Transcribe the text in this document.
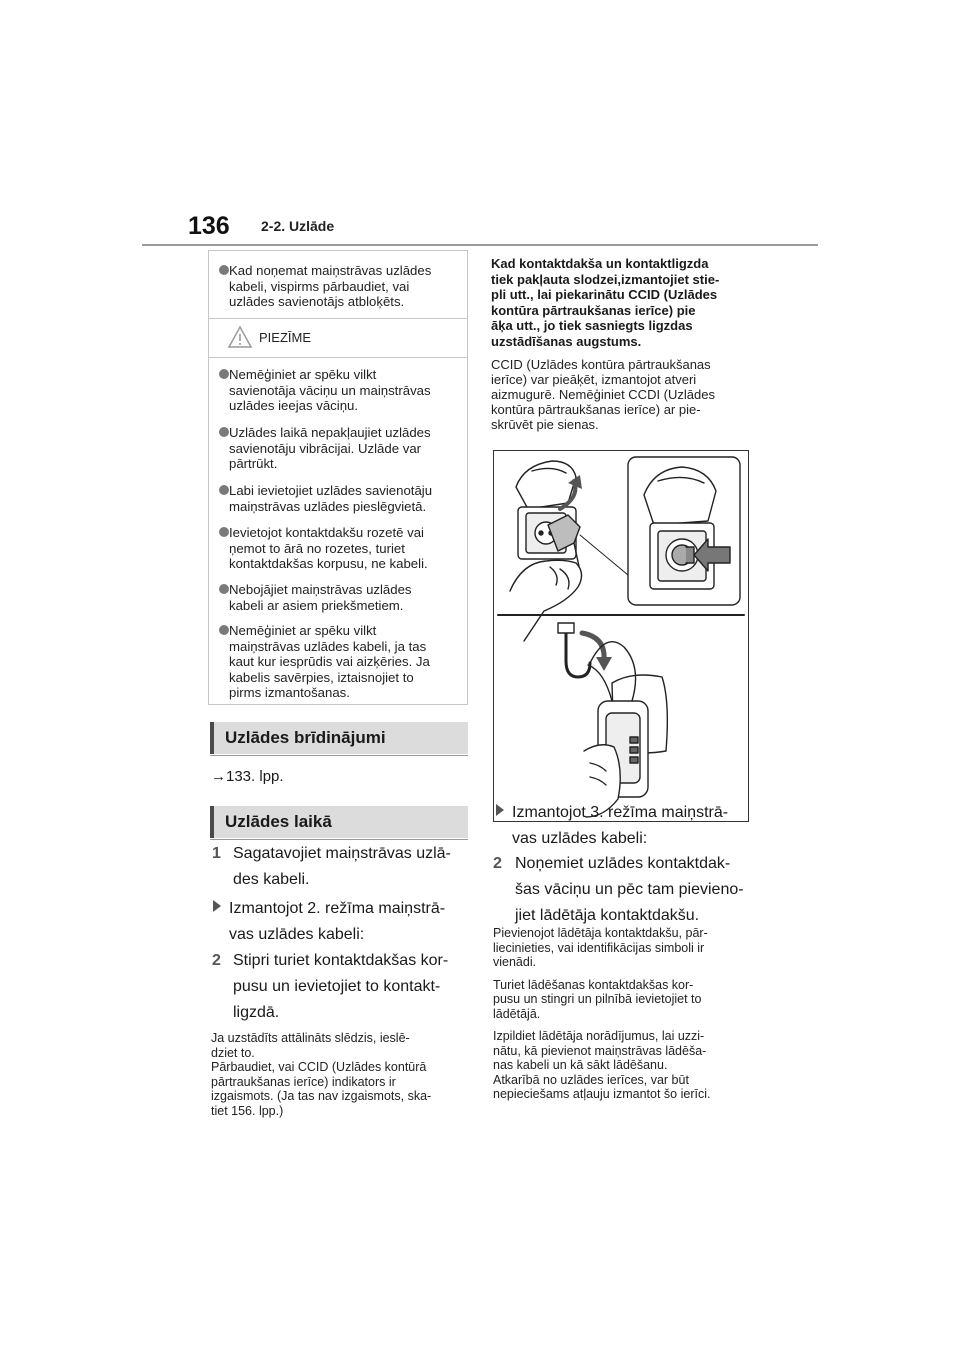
136 2-2. Uzlāde
Kad noņemat maiņstrāvas uzlādes
kabeli, vispirms pārbaudiet, vai
uzlādes savienotājs atbloķēts.
PIEZĪME
Nemēģiniet ar spēku vilkt
savienotāja vāciņu un maiņstrāvas
uzlādes ieejas vāciņu.
Uzlādes laikā nepakļaujiet uzlādes
savienotāju vibrācijai. Uzlāde var
pārtrūkt.
Labi ievietojiet uzlādes savienotāju
maiņstrāvas uzlādes pieslēgvietā.
Ievietojot kontaktdakšu rozetē vai
ņemot to ārā no rozetes, turiet
kontaktdakšas korpusu, ne kabeli.
Nebojājiet maiņstrāvas uzlādes
kabeli ar asiem priekšmetiem.
Nemēģiniet ar spēku vilkt
maiņstrāvas uzlādes kabeli, ja tas
kaut kur iesprūdis vai aizķēries. Ja
kabelis savērpies, iztaisnojiet to
pirms izmantošanas.
Uzlādes brīdinājumi
→133. lpp.
Uzlādes laikā
1 Sagatavojiet maiņstrāvas uzlā-
des kabeli.
Izmantojot 2. režīma maiņstrā-
vas uzlādes kabeli:
2 Stipri turiet kontaktdakšas kor-
pusu un ievietojiet to kontakt-
ligzdā.
Ja uzstādīts attālināts slēdzis, ieslē-
dziet to.
Pārbaudiet, vai CCID (Uzlādes kontūrā
pārtraukšanas ierīce) indikators ir
izgaismots. (Ja tas nav izgaismots, ska-
tiet 156. lpp.)
Kad kontaktdakša un kontaktligzda
tiek pakļauta slodzei,izmantojiet stie-
pli utt., lai piekarinātu CCID (Uzlādes
kontūra pārtraukšanas ierīce) pie
āķa utt., jo tiek sasniegts ligzdas
uzstādīšanas augstums.
CCID (Uzlādes kontūra pārtraukšanas
ierīce) var pieāķēt, izmantojot atveri
aizmugurē. Nemēģiniet CCDI (Uzlādes
kontūra pārtraukšanas ierīce) ar pie-
skrūvēt pie sienas.
Izmantojot 3. režīma maiņstrā-
vas uzlādes kabeli:
2 Noņemiet uzlādes kontaktdak-
šas vāciņu un pēc tam pievieno-
jiet lādētāja kontaktdakšu.
Pievienojot lādētāja kontaktdakšu, pār-
liecinieties, vai identifikācijas simboli ir
vienādi.
Turiet lādēšanas kontaktdakšas kor-
pusu un stingri un pilnībā ievietojiet to
lādētājā.
Izpildiet lādētāja norādījumus, lai uzzi-
nātu, kā pievienot maiņstrāvas lādēša-
nas kabeli un kā sākt lādēšanu.
Atkarībā no uzlādes ierīces, var būt
nepieciešams atļauju izmantot šo ierīci.
